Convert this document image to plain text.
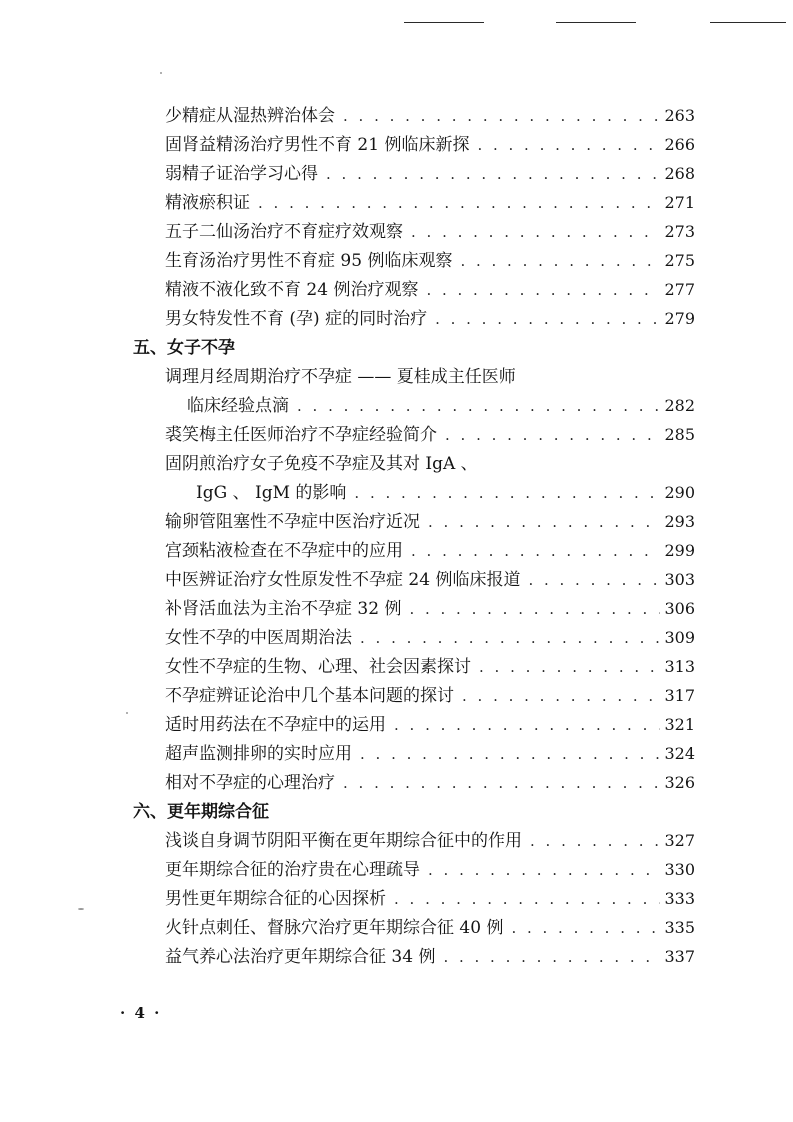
少精症从湿热辨治体会 . . .	263
固肾益精汤治疗男性不育 21 例临床新探 . . .	266
弱精子证治学习心得 . . .	268
精液瘀积证 . . .	271
五子二仙汤治疗不育症疗效观察 . . .	273
生育汤治疗男性不育症 95 例临床观察 . . .	275
精液不液化致不育 24 例治疗观察 . . .	277
男女特发性不育 (孕) 症的同时治疗 . . .	279
五、女子不孕
调理月经周期治疗不孕症 —— 夏桂成主任医师
临床经验点滴 . . .	282
裘笑梅主任医师治疗不孕症经验简介 . . .	285
固阴煎治疗女子免疫不孕症及其对 IgA 、
IgG 、 IgM 的影响 . . .	290
输卵管阻塞性不孕症中医治疗近况 . . .	293
宫颈粘液检查在不孕症中的应用 . . .	299
中医辨证治疗女性原发性不孕症 24 例临床报道 . . .	303
补肾活血法为主治不孕症 32 例 . . .	306
女性不孕的中医周期治法 . . .	309
女性不孕症的生物、心理、社会因素探讨 . . .	313
不孕症辨证论治中几个基本问题的探讨 . . .	317
适时用药法在不孕症中的运用 . . .	321
超声监测排卵的实时应用 . . .	324
相对不孕症的心理治疗 . . .	326
六、更年期综合征
浅谈自身调节阴阳平衡在更年期综合征中的作用 . . .	327
更年期综合征的治疗贵在心理疏导 . . .	330
男性更年期综合征的心因探析 . . .	333
火针点刺任、督脉穴治疗更年期综合征 40 例 . . .	335
益气养心法治疗更年期综合征 34 例 . . .	337
· 4 ·
